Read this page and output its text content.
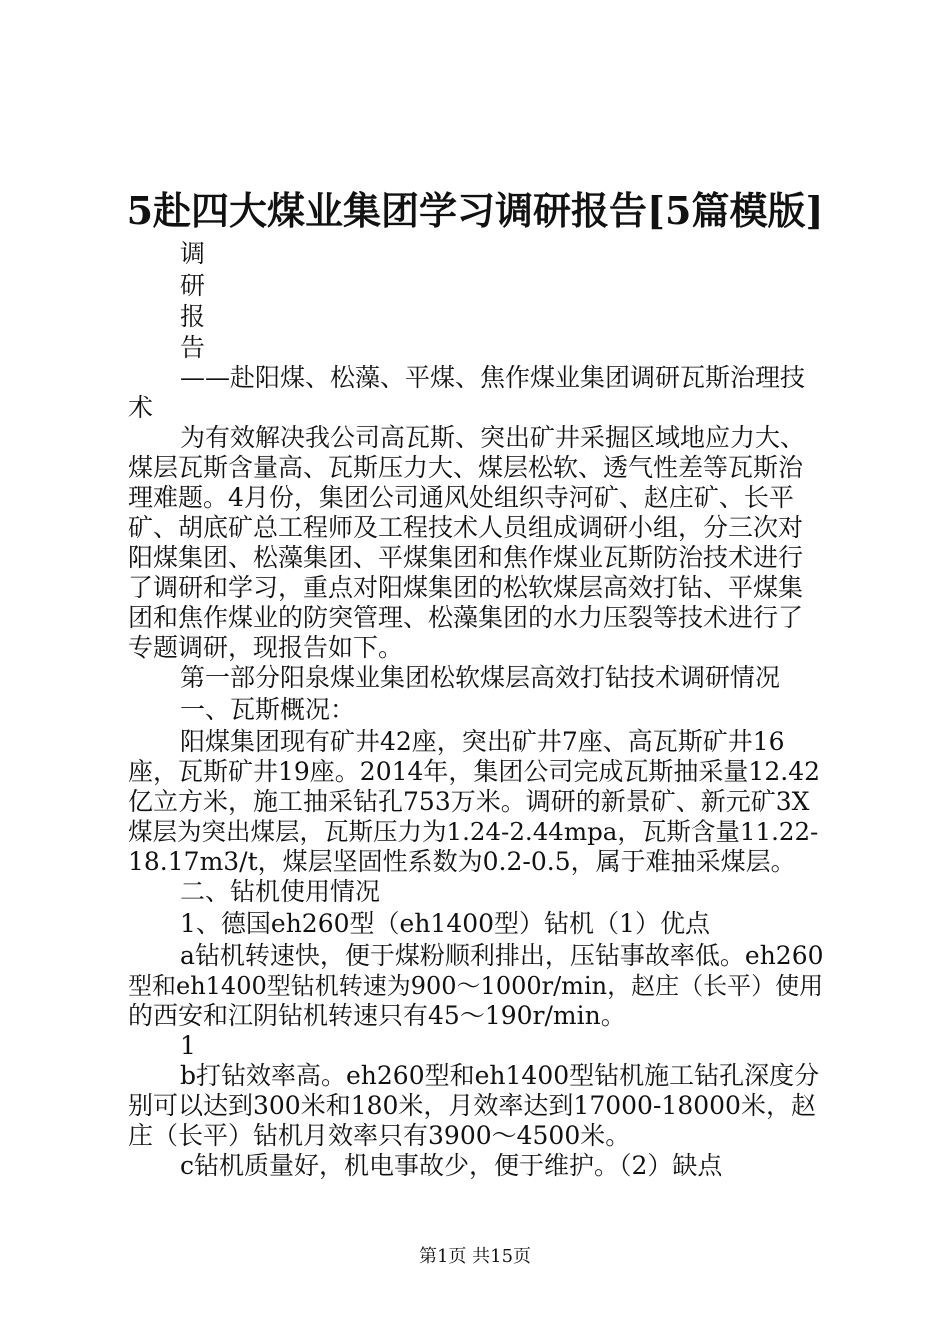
5赴四大煤业集团学习调研报告[5篇模版]
调
研
报
告
——赴阳煤、松藻、平煤、焦作煤业集团调研瓦斯治理技
术
为有效解决我公司高瓦斯、突出矿井采掘区域地应力大、
煤层瓦斯含量高、瓦斯压力大、煤层松软、透气性差等瓦斯治
理难题。4月份，集团公司通风处组织寺河矿、赵庄矿、长平
矿、胡底矿总工程师及工程技术人员组成调研小组，分三次对
阳煤集团、松藻集团、平煤集团和焦作煤业瓦斯防治技术进行
了调研和学习，重点对阳煤集团的松软煤层高效打钻、平煤集
团和焦作煤业的防突管理、松藻集团的水力压裂等技术进行了
专题调研，现报告如下。
第一部分阳泉煤业集团松软煤层高效打钻技术调研情况
一、瓦斯概况：
阳煤集团现有矿井42座，突出矿井7座、高瓦斯矿井16
座，瓦斯矿井19座。2014年，集团公司完成瓦斯抽采量12.42
亿立方米，施工抽采钻孔753万米。调研的新景矿、新元矿3X
煤层为突出煤层，瓦斯压力为1.24-2.44mpa，瓦斯含量11.22-
18.17m3/t，煤层坚固性系数为0.2-0.5，属于难抽采煤层。
二、钻机使用情况
1、德国eh260型（eh1400型）钻机（1）优点
a钻机转速快，便于煤粉顺利排出，压钻事故率低。eh260
型和eh1400型钻机转速为900～1000r/min，赵庄（长平）使用
的西安和江阴钻机转速只有45～190r/min。
1
b打钻效率高。eh260型和eh1400型钻机施工钻孔深度分
别可以达到300米和180米，月效率达到17000-18000米，赵
庄（长平）钻机月效率只有3900～4500米。
c钻机质量好，机电事故少，便于维护。（2）缺点
第1页 共15页
